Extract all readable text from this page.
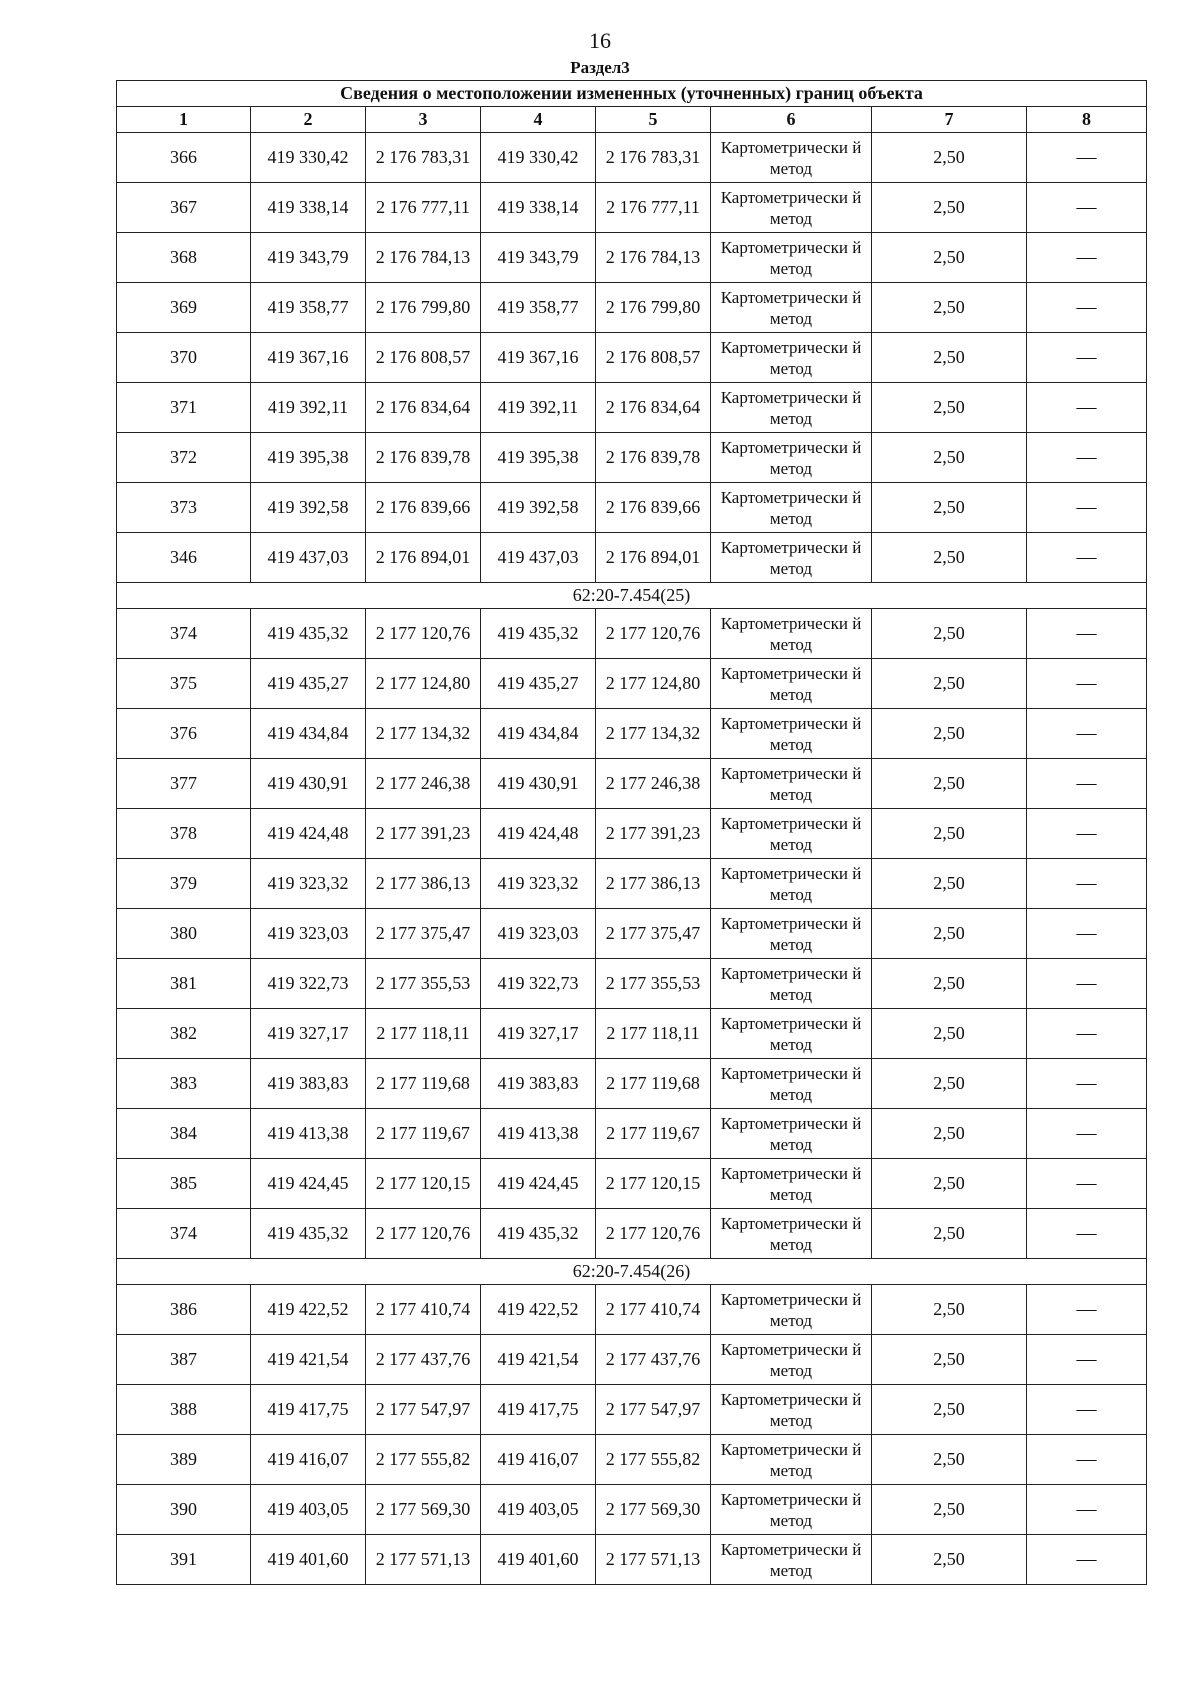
16
Раздел3
Сведения о местоположении измененных (уточненных) границ объекта							
1	2	3	4	5	6	7	8
366	419 330,42	2 176 783,31	419 330,42	2 176 783,31	Картометрически й метод	2,50	—
367	419 338,14	2 176 777,11	419 338,14	2 176 777,11	Картометрически й метод	2,50	—
368	419 343,79	2 176 784,13	419 343,79	2 176 784,13	Картометрически й метод	2,50	—
369	419 358,77	2 176 799,80	419 358,77	2 176 799,80	Картометрически й метод	2,50	—
370	419 367,16	2 176 808,57	419 367,16	2 176 808,57	Картометрически й метод	2,50	—
371	419 392,11	2 176 834,64	419 392,11	2 176 834,64	Картометрически й метод	2,50	—
372	419 395,38	2 176 839,78	419 395,38	2 176 839,78	Картометрически й метод	2,50	—
373	419 392,58	2 176 839,66	419 392,58	2 176 839,66	Картометрически й метод	2,50	—
346	419 437,03	2 176 894,01	419 437,03	2 176 894,01	Картометрически й метод	2,50	—
62:20-7.454(25)							
374	419 435,32	2 177 120,76	419 435,32	2 177 120,76	Картометрически й метод	2,50	—
375	419 435,27	2 177 124,80	419 435,27	2 177 124,80	Картометрически й метод	2,50	—
376	419 434,84	2 177 134,32	419 434,84	2 177 134,32	Картометрически й метод	2,50	—
377	419 430,91	2 177 246,38	419 430,91	2 177 246,38	Картометрически й метод	2,50	—
378	419 424,48	2 177 391,23	419 424,48	2 177 391,23	Картометрически й метод	2,50	—
379	419 323,32	2 177 386,13	419 323,32	2 177 386,13	Картометрически й метод	2,50	—
380	419 323,03	2 177 375,47	419 323,03	2 177 375,47	Картометрически й метод	2,50	—
381	419 322,73	2 177 355,53	419 322,73	2 177 355,53	Картометрически й метод	2,50	—
382	419 327,17	2 177 118,11	419 327,17	2 177 118,11	Картометрически й метод	2,50	—
383	419 383,83	2 177 119,68	419 383,83	2 177 119,68	Картометрически й метод	2,50	—
384	419 413,38	2 177 119,67	419 413,38	2 177 119,67	Картометрически й метод	2,50	—
385	419 424,45	2 177 120,15	419 424,45	2 177 120,15	Картометрически й метод	2,50	—
374	419 435,32	2 177 120,76	419 435,32	2 177 120,76	Картометрически й метод	2,50	—
62:20-7.454(26)							
386	419 422,52	2 177 410,74	419 422,52	2 177 410,74	Картометрически й метод	2,50	—
387	419 421,54	2 177 437,76	419 421,54	2 177 437,76	Картометрически й метод	2,50	—
388	419 417,75	2 177 547,97	419 417,75	2 177 547,97	Картометрически й метод	2,50	—
389	419 416,07	2 177 555,82	419 416,07	2 177 555,82	Картометрически й метод	2,50	—
390	419 403,05	2 177 569,30	419 403,05	2 177 569,30	Картометрически й метод	2,50	—
391	419 401,60	2 177 571,13	419 401,60	2 177 571,13	Картометрически й метод	2,50	—
